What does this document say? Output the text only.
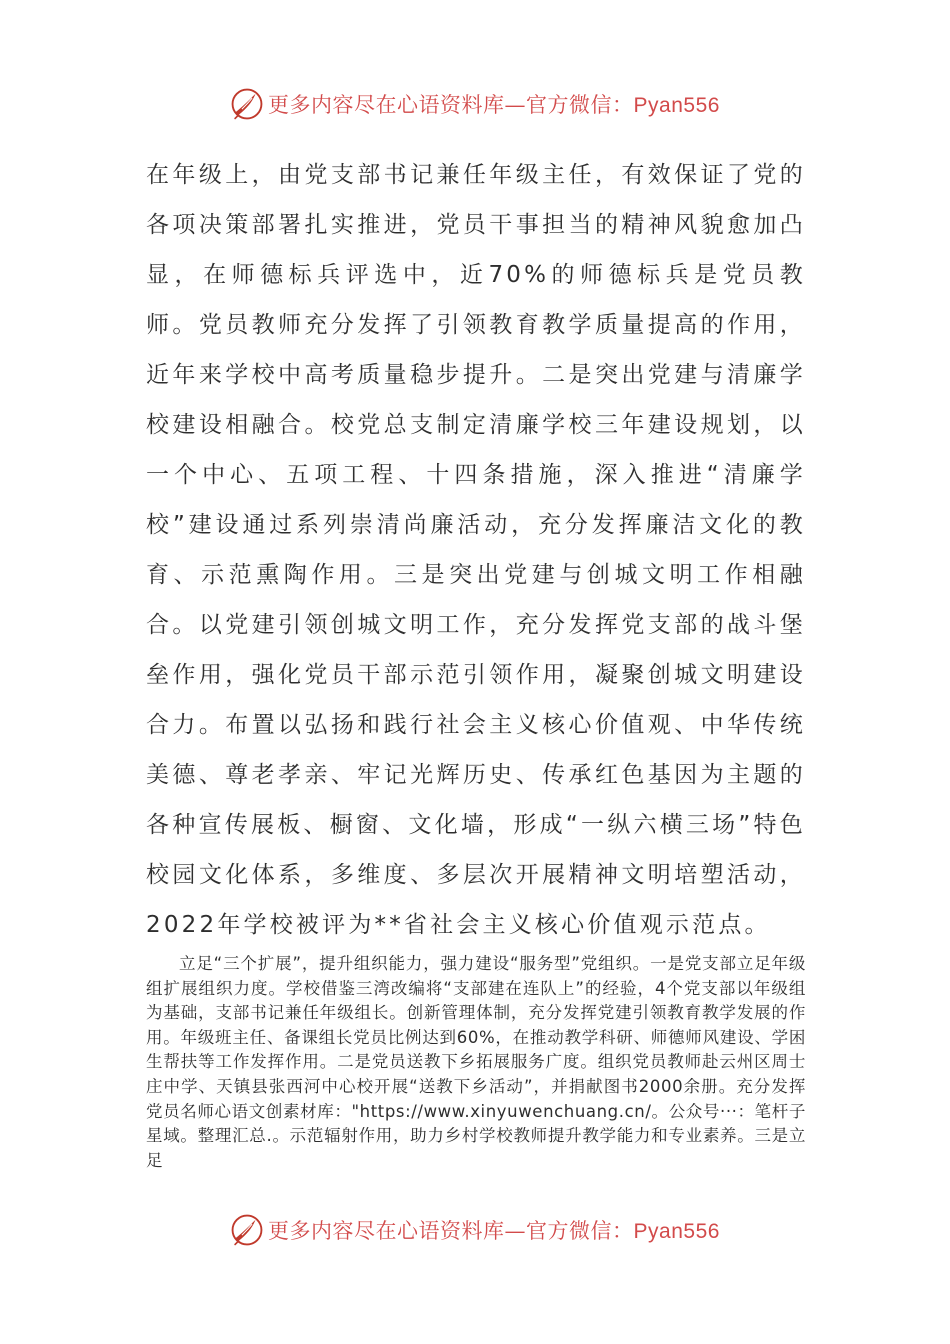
更多内容尽在心语资料库—官方微信：Pyan556

在年级上，由党支部书记兼任年级主任，有效保证了党的各项决策部署扎实推进，党员干事担当的精神风貌愈加凸显，在师德标兵评选中，近70%的师德标兵是党员教师。党员教师充分发挥了引领教育教学质量提高的作用，近年来学校中高考质量稳步提升。二是突出党建与清廉学校建设相融合。校党总支制定清廉学校三年建设规划，以一个中心、五项工程、十四条措施，深入推进“清廉学校”建设通过系列崇清尚廉活动，充分发挥廉洁文化的教育、示范熏陶作用。三是突出党建与创城文明工作相融合。以党建引领创城文明工作，充分发挥党支部的战斗堡垒作用，强化党员干部示范引领作用，凝聚创城文明建设合力。布置以弘扬和践行社会主义核心价值观、中华传统美德、尊老孝亲、牢记光辉历史、传承红色基因为主题的各种宣传展板、橱窗、文化墙，形成“一纵六横三场”特色校园文化体系，多维度、多层次开展精神文明培塑活动，2022年学校被评为**省社会主义核心价值观示范点。

立足“三个扩展”，提升组织能力，强力建设“服务型”党组织。一是党支部立足年级组扩展组织力度。学校借鉴三湾改编将“支部建在连队上”的经验，4个党支部以年级组为基础，支部书记兼任年级组长。创新管理体制，充分发挥党建引领教育教学发展的作用。年级班主任、备课组长党员比例达到60%，在推动教学科研、师德师风建设、学困生帮扶等工作发挥作用。二是党员送教下乡拓展服务广度。组织党员教师赴云州区周士庄中学、天镇县张西河中心校开展“送教下乡活动”，并捐献图书2000余册。充分发挥党员名师心语文创素材库："https://www.xinyuwenchuang.cn/。公众号···：笔杆子星域。整理汇总.。示范辐射作用，助力乡村学校教师提升教学能力和专业素养。三是立足

更多内容尽在心语资料库—官方微信：Pyan556
